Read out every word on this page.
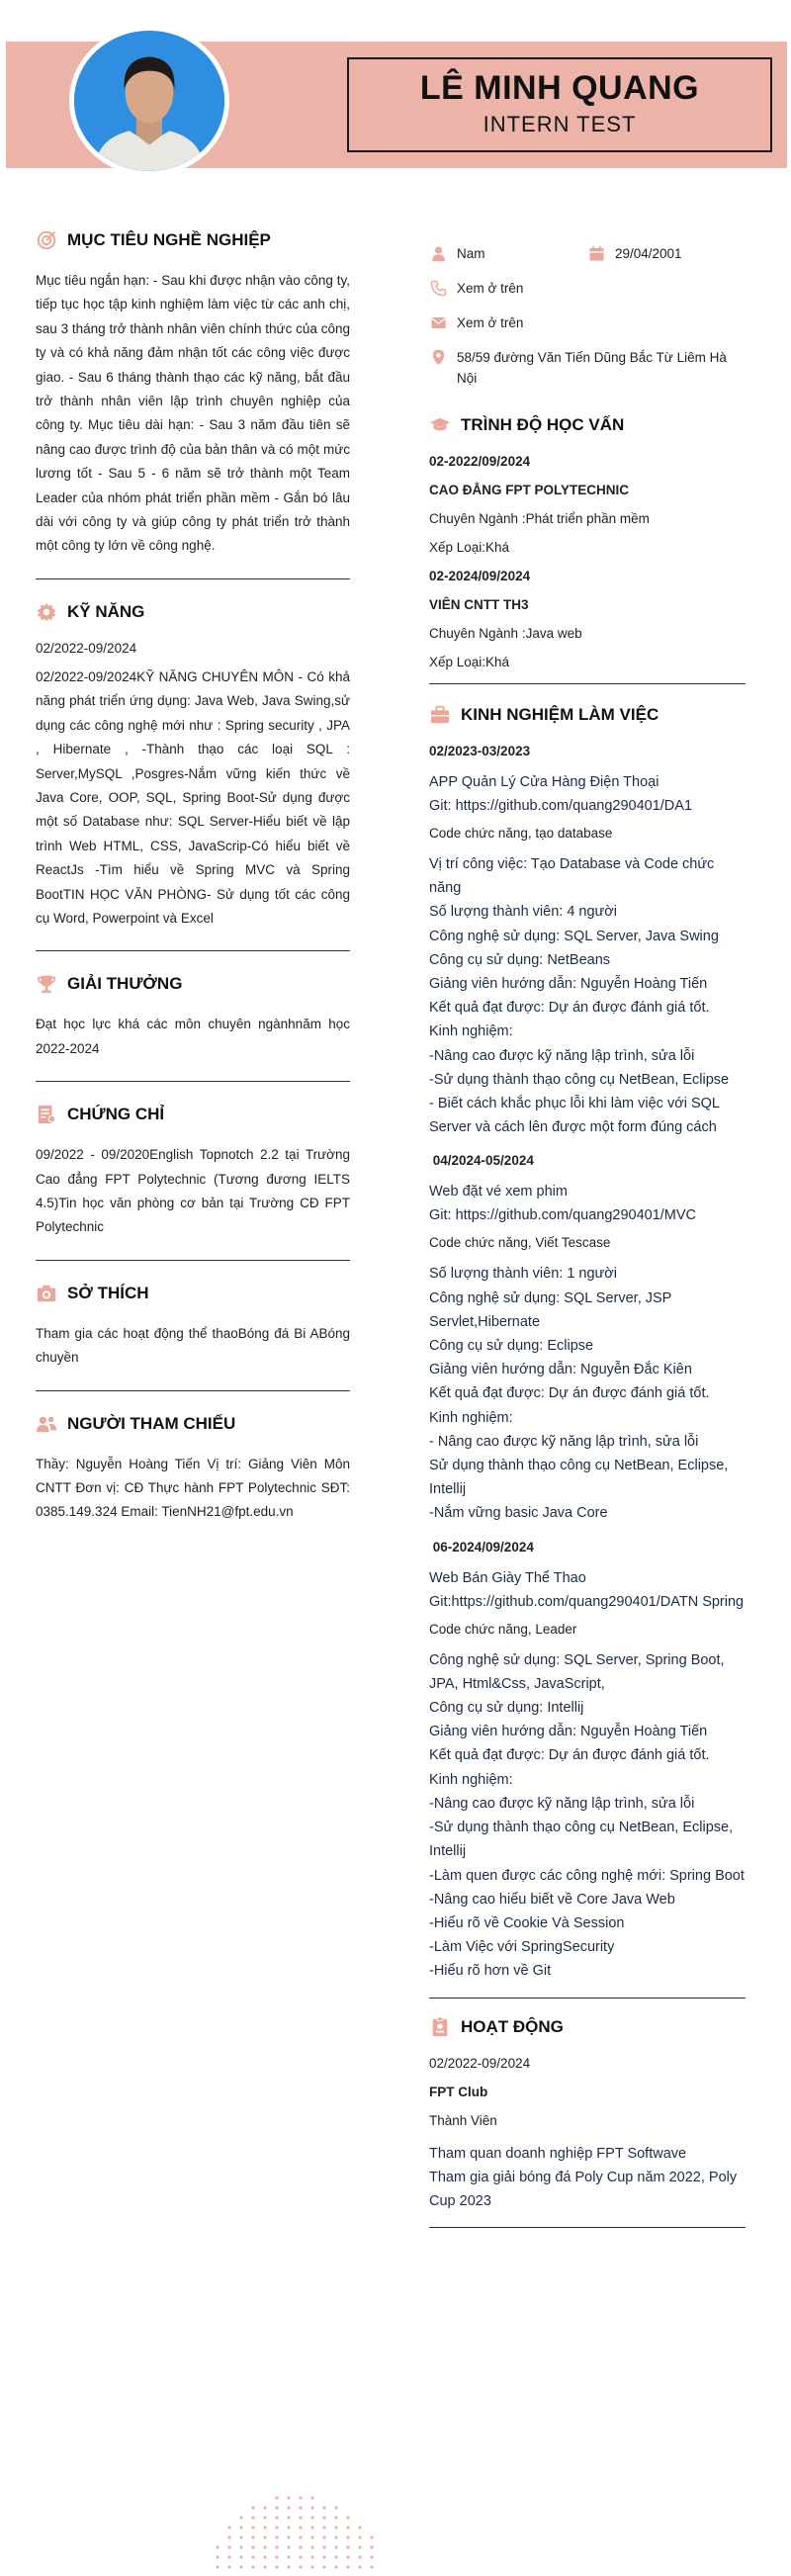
LÊ MINH QUANG
INTERN TEST
MỤC TIÊU NGHỀ NGHIỆP
Mục tiêu ngắn hạn: - Sau khi được nhận vào công ty, tiếp tục học tập kinh nghiệm làm việc từ các anh chị, sau 3 tháng trở thành nhân viên chính thức của công ty và có khả năng đảm nhận tốt các công việc được giao. - Sau 6 tháng thành thạo các kỹ năng, bắt đầu trở thành nhân viên lập trình chuyên nghiệp của công ty. Mục tiêu dài hạn: - Sau 3 năm đầu tiên sẽ nâng cao được trình độ của bản thân và có một mức lương tốt - Sau 5 - 6 năm sẽ trở thành một Team Leader của nhóm phát triển phần mềm - Gắn bó lâu dài với công ty và giúp công ty phát triển trở thành một công ty lớn về công nghệ.
KỸ NĂNG
02/2022-09/2024
02/2022-09/2024KỸ NĂNG CHUYÊN MÔN - Có khả năng phát triển ứng dụng: Java Web, Java Swing,sử dụng các công nghệ mới như : Spring security , JPA , Hibernate , -Thành thạo các loại SQL : Server,MySQL ,Posgres-Nắm vững kiến thức về Java Core, OOP, SQL, Spring Boot-Sử dụng được một số Database như: SQL Server-Hiểu biết về lập trình Web HTML, CSS, JavaScrip-Có hiểu biết về ReactJs -Tìm hiểu về Spring MVC và Spring BootTIN HỌC VĂN PHÒNG- Sử dụng tốt các công cụ Word, Powerpoint và Excel
GIẢI THƯỞNG
Đạt học lực khá các môn chuyên ngànhnăm học 2022-2024
CHỨNG CHỈ
09/2022 - 09/2020English Topnotch 2.2 tại Trường Cao đẳng FPT Polytechnic (Tương đương IELTS 4.5)Tin học văn phòng cơ bản tại Trường CĐ FPT Polytechnic
SỞ THÍCH
Tham gia các hoạt động thể thaoBóng đá Bi ABóng chuyền
NGƯỜI THAM CHIẾU
Thầy: Nguyễn Hoàng Tiến Vị trí: Giảng Viên Môn CNTT Đơn vị: CĐ Thực hành FPT Polytechnic SĐT: 0385.149.324 Email: TienNH21@fpt.edu.vn
Nam	29/04/2001
Xem ở trên
Xem ở trên
58/59 đường Văn Tiến Dũng Bắc Từ Liêm Hà Nội
TRÌNH ĐỘ HỌC VẤN
02-2022/09/2024
CAO ĐẲNG FPT POLYTECHNIC
Chuyên Ngành :Phát triển phần mềm
Xếp Loại:Khá
02-2024/09/2024
VIÊN CNTT TH3
Chuyên Ngành :Java web
Xếp Loại:Khá
KINH NGHIỆM LÀM VIỆC
02/2023-03/2023
APP Quản Lý Cửa Hàng Điện Thoại
Git: https://github.com/quang290401/DA1
Code chức năng, tạo database
Vị trí công việc: Tạo Database và Code chức năng
Số lượng thành viên: 4 người
Công nghệ sử dụng: SQL Server, Java Swing
Công cụ sử dụng: NetBeans
Giảng viên hướng dẫn: Nguyễn Hoàng Tiến
Kết quả đạt được: Dự án được đánh giá tốt.
Kinh nghiệm:
-Nâng cao được kỹ năng lập trình, sửa lỗi
-Sử dụng thành thạo công cụ NetBean, Eclipse
- Biết cách khắc phục lỗi khi làm việc với SQL Server và cách lên được một form đúng cách
04/2024-05/2024
Web đặt vé xem phim
Git: https://github.com/quang290401/MVC
Code chức năng, Viết Tescase
Số lượng thành viên: 1 người
Công nghệ sử dụng: SQL Server, JSP Servlet,Hibernate
Công cụ sử dụng: Eclipse
Giảng viên hướng dẫn: Nguyễn Đắc Kiên
Kết quả đạt được: Dự án được đánh giá tốt.
Kinh nghiệm:
- Nâng cao được kỹ năng lập trình, sửa lỗi
Sử dụng thành thạo công cụ NetBean, Eclipse, Intellij
-Nắm vững basic Java Core
06-2024/09/2024
Web Bán Giày Thể Thao
Git:https://github.com/quang290401/DATN Spring
Code chức năng, Leader
Công nghệ sử dụng: SQL Server, Spring Boot, JPA, Html&Css, JavaScript,
Công cụ sử dụng: Intellij
Giảng viên hướng dẫn: Nguyễn Hoàng Tiến
Kết quả đạt được: Dự án được đánh giá tốt.
Kinh nghiệm:
-Nâng cao được kỹ năng lập trình, sửa lỗi
-Sử dụng thành thạo công cụ NetBean, Eclipse, Intellij
-Làm quen được các công nghệ mới: Spring Boot
-Nâng cao hiểu biết về Core Java Web
-Hiểu rõ về Cookie Và Session
-Làm Việc với SpringSecurity
-Hiểu rõ hơn về Git
HOẠT ĐỘNG
02/2022-09/2024
FPT Club
Thành Viên
Tham quan doanh nghiệp FPT Softwave
Tham gia giải bóng đá Poly Cup năm 2022, Poly Cup 2023
